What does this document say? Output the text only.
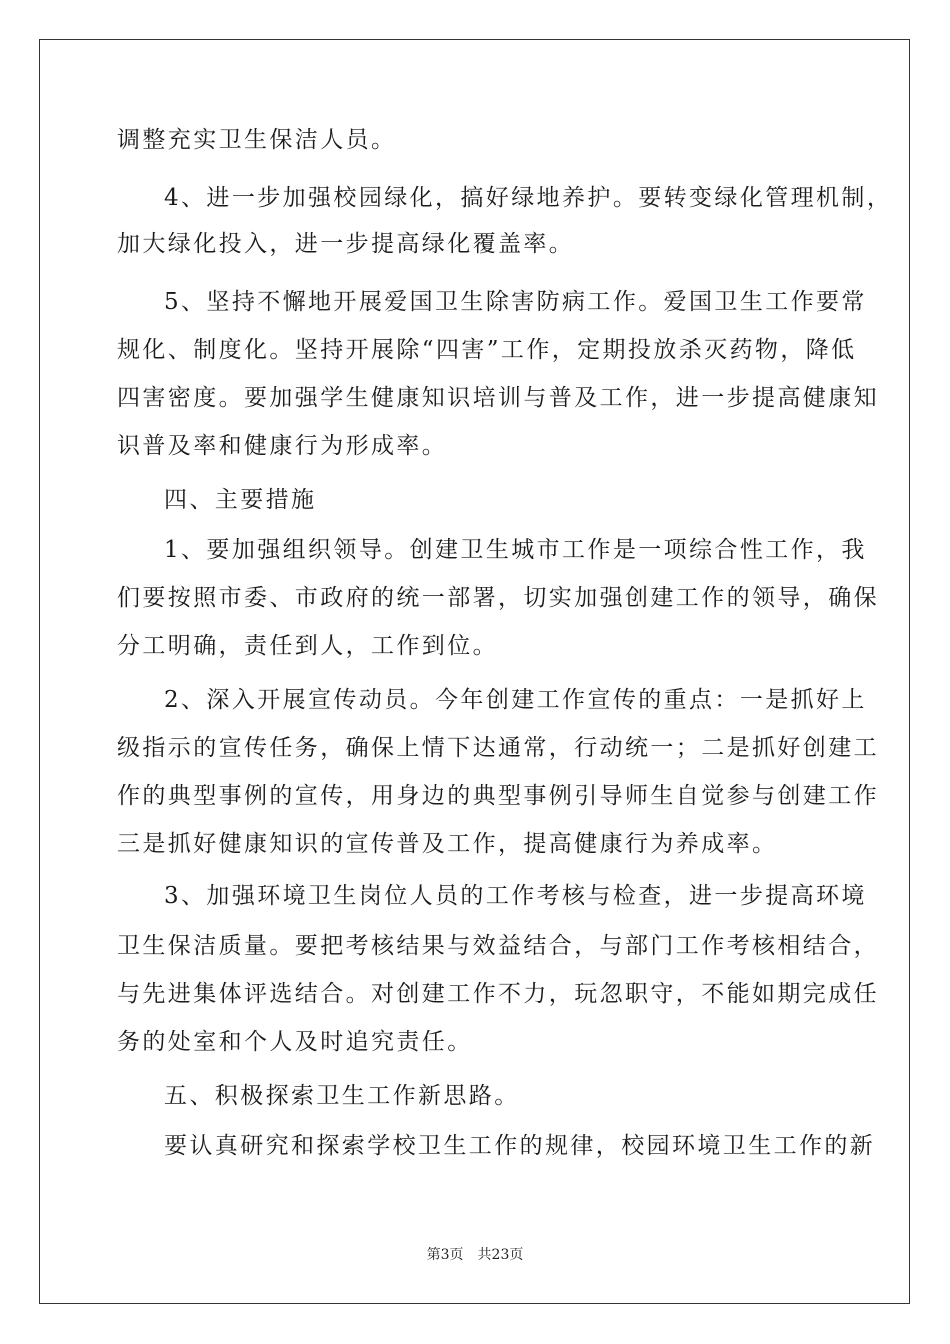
调整充实卫生保洁人员。
4、进一步加强校园绿化，搞好绿地养护。要转变绿化管理机制，
加大绿化投入，进一步提高绿化覆盖率。
5、坚持不懈地开展爱国卫生除害防病工作。爱国卫生工作要常
规化、制度化。坚持开展除“四害”工作，定期投放杀灭药物，降低
四害密度。要加强学生健康知识培训与普及工作，进一步提高健康知
识普及率和健康行为形成率。
四、主要措施
1、要加强组织领导。创建卫生城市工作是一项综合性工作，我
们要按照市委、市政府的统一部署，切实加强创建工作的领导，确保
分工明确，责任到人，工作到位。
2、深入开展宣传动员。今年创建工作宣传的重点：一是抓好上
级指示的宣传任务，确保上情下达通常，行动统一；二是抓好创建工
作的典型事例的宣传，用身边的典型事例引导师生自觉参与创建工作
三是抓好健康知识的宣传普及工作，提高健康行为养成率。
3、加强环境卫生岗位人员的工作考核与检查，进一步提高环境
卫生保洁质量。要把考核结果与效益结合，与部门工作考核相结合，
与先进集体评选结合。对创建工作不力，玩忽职守，不能如期完成任
务的处室和个人及时追究责任。
五、积极探索卫生工作新思路。
要认真研究和探索学校卫生工作的规律，校园环境卫生工作的新
第3页 共23页
